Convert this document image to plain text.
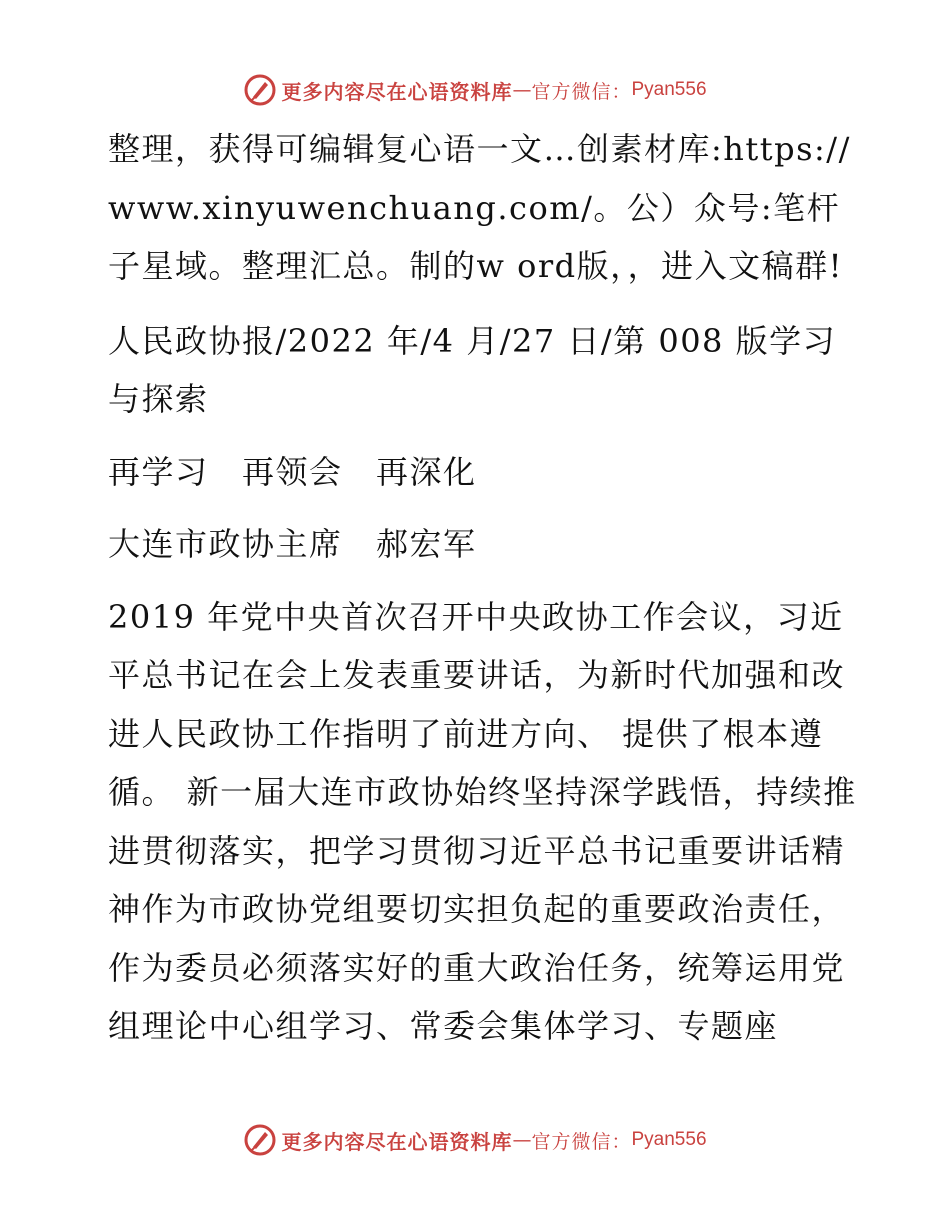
更多内容尽在心语资料库 — 官方微信： Pyan556

整理，获得可编辑复心语一文…创素材库:https://www.xinyuwenchuang.com/。公）众号:笔杆子星域。整理汇总。制的w ord版，，进入文稿群!

人民政协报/2022 年/4 月/27 日/第 008 版学习与探索

再学习　再领会　再深化

大连市政协主席　郝宏军

2019 年党中央首次召开中央政协工作会议，习近平总书记在会上发表重要讲话，为新时代加强和改进人民政协工作指明了前进方向、 提供了根本遵循。 新一届大连市政协始终坚持深学践悟，持续推进贯彻落实，把学习贯彻习近平总书记重要讲话精神作为市政协党组要切实担负起的重要政治责任，作为委员必须落实好的重大政治任务，统筹运用党组理论中心组学习、常委会集体学习、专题座

更多内容尽在心语资料库 — 官方微信： Pyan556
